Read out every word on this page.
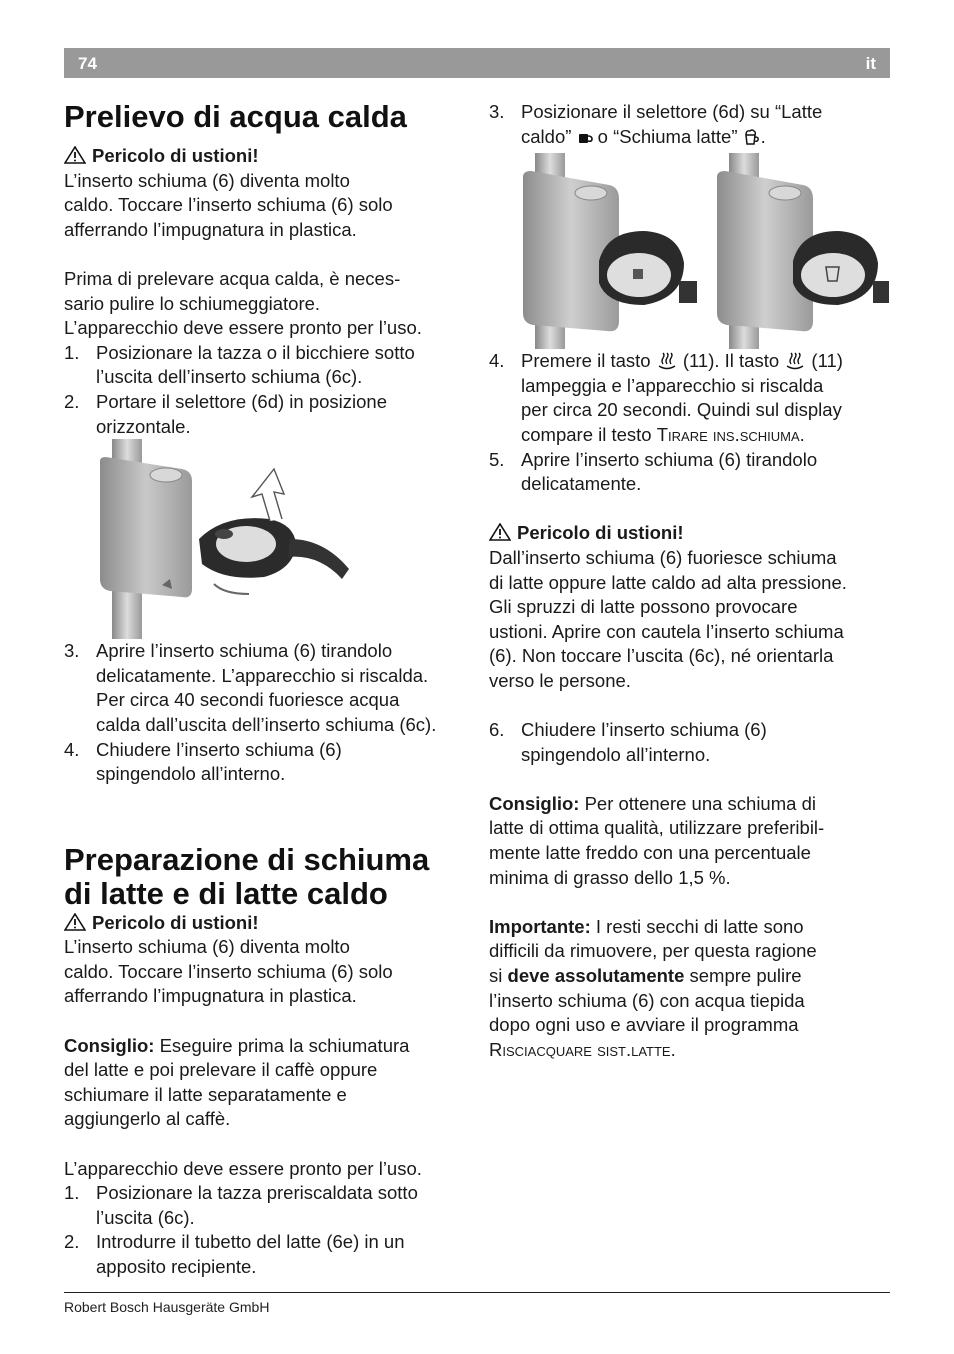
74	it
Prelievo di acqua calda

Pericolo di ustioni!

L’inserto schiuma (6) diventa molto
caldo. Toccare l’inserto schiuma (6) solo
afferrando l’impugnatura in plastica.

Prima di prelevare acqua calda, è neces-
sario pulire lo schiumeggiatore.
L’apparecchio deve essere pronto per l’uso.

1. Posizionare la tazza o il bicchiere sotto
l’uscita dell’inserto schiuma (6c).
2. Portare il selettore (6d) in posizione
orizzontale.
3. Aprire l’inserto schiuma (6) tirandolo
delicatamente. L’apparecchio si riscalda.
Per circa 40 secondi fuoriesce acqua
calda dall’uscita dell’inserto schiuma (6c).
4. Chiudere l’inserto schiuma (6)
spingendolo all’interno.
Preparazione di schiuma
di latte e di latte caldo

Pericolo di ustioni!

L’inserto schiuma (6) diventa molto
caldo. Toccare l’inserto schiuma (6) solo
afferrando l’impugnatura in plastica.

Consiglio: Eseguire prima la schiumatura
del latte e poi prelevare il caffè oppure
schiumare il latte separatamente e
aggiungerlo al caffè.

L’apparecchio deve essere pronto per l’uso.

1. Posizionare la tazza preriscaldata sotto
l’uscita (6c).
2. Introdurre il tubetto del latte (6e) in un
apposito recipiente.
3. Posizionare il selettore (6d) su “Latte
caldo” o “Schiuma latte” .
4. Premere il tasto (11). Il tasto (11)
lampeggia e l’apparecchio si riscalda
per circa 20 secondi. Quindi sul display
compare il testo Tirare ins.schiuma.
5. Aprire l’inserto schiuma (6) tirandolo
delicatamente.

Pericolo di ustioni!

Dall’inserto schiuma (6) fuoriesce schiuma
di latte oppure latte caldo ad alta pressione.
Gli spruzzi di latte possono provocare
ustioni. Aprire con cautela l’inserto schiuma
(6). Non toccare l’uscita (6c), né orientarla
verso le persone.

6. Chiudere l’inserto schiuma (6)
spingendolo all’interno.

Consiglio: Per ottenere una schiuma di
latte di ottima qualità, utilizzare preferibil-
mente latte freddo con una percentuale
minima di grasso dello 1,5 %.

Importante: I resti secchi di latte sono
difficili da rimuovere, per questa ragione
si deve assolutamente sempre pulire
l’inserto schiuma (6) con acqua tiepida
dopo ogni uso e avviare il programma
Risciacquare sist.latte.

Robert Bosch Hausgeräte GmbH
